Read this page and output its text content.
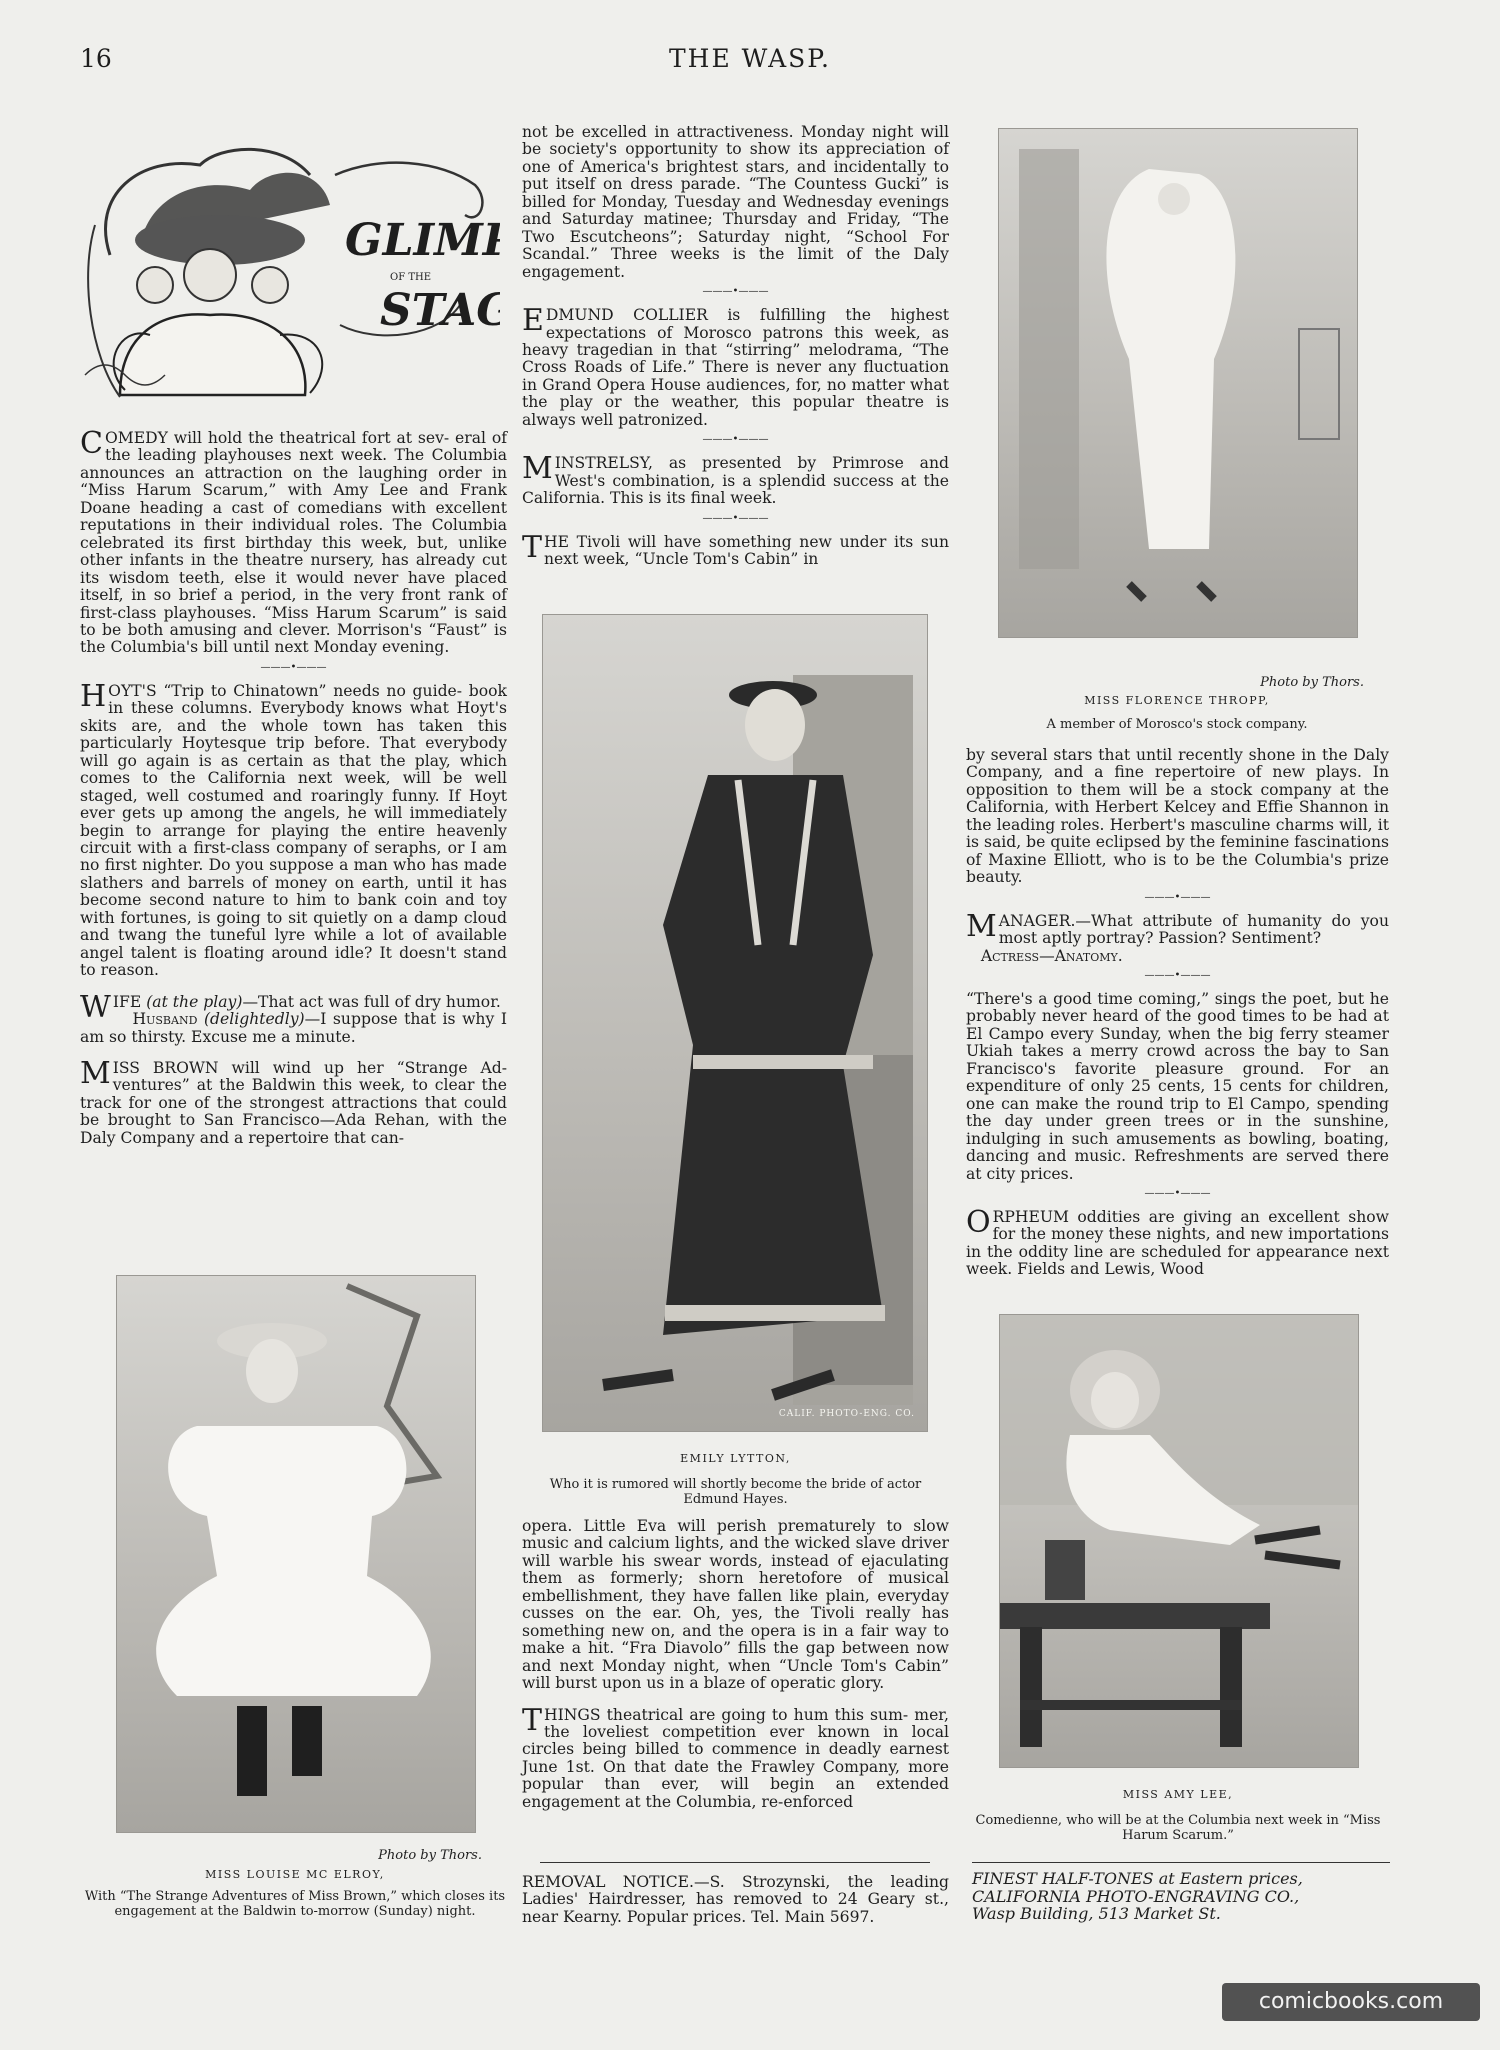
16	THE WASP.
GLIM
OF THE
STA

COMEDY will hold the theatrical fort at sev- eral of the leading playhouses next week. The Columbia announces an attraction on the laughing order in “Miss Harum Scarum,” with Amy Lee and Frank Doane heading a cast of comedians with excellent reputations in their individual roles. The Columbia celebrated its first birthday this week, but, unlike other infants in the theatre nursery, has already cut its wisdom teeth, else it would never have placed itself, in so brief a period, in the very front rank of first-class playhouses. “Miss Harum Scarum” is said to be both amusing and clever. Morrison's “Faust” is the Columbia's bill until next Monday evening.

———•———

HOYT'S “Trip to Chinatown” needs no guide- book in these columns. Everybody knows what Hoyt's skits are, and the whole town has taken this particularly Hoytesque trip before. That everybody will go again is as certain as that the play, which comes to the California next week, will be well staged, well costumed and roaringly funny. If Hoyt ever gets up among the angels, he will immediately begin to arrange for playing the entire heavenly circuit with a first-class company of seraphs, or I am no first nighter. Do you suppose a man who has made slathers and barrels of money on earth, until it has become second nature to him to bank coin and toy with fortunes, is going to sit quietly on a damp cloud and twang the tuneful lyre while a lot of available angel talent is floating around idle? It doesn't stand to reason.

WIFE (at the play)—That act was full of dry humor.
Husband (delightedly)—I suppose that is why I am so thirsty. Excuse me a minute.

MISS BROWN will wind up her “Strange Ad- ventures” at the Baldwin this week, to clear the track for one of the strongest attractions that could be brought to San Francisco—Ada Rehan, with the Daly Company and a repertoire that can-

not be excelled in attractiveness. Monday night will be society's opportunity to show its appreciation of one of America's brightest stars, and incidentally to put itself on dress parade. “The Countess Gucki” is billed for Monday, Tuesday and Wednesday evenings and Saturday matinee; Thursday and Friday, “The Two Escutcheons”; Saturday night, “School For Scandal.” Three weeks is the limit of the Daly engagement.

———•———

EDMUND COLLIER is fulfilling the highest expectations of Morosco patrons this week, as heavy tragedian in that “stirring” melodrama, “The Cross Roads of Life.” There is never any fluctuation in Grand Opera House audiences, for, no matter what the play or the weather, this popular theatre is always well patronized.

———•———

MINSTRELSY, as presented by Primrose and West's combination, is a splendid success at the California. This is its final week.

———•———

THE Tivoli will have something new under its sun next week, “Uncle Tom's Cabin” in

opera. Little Eva will perish prematurely to slow music and calcium lights, and the wicked slave driver will warble his swear words, instead of ejaculating them as formerly; shorn heretofore of musical embellishment, they have fallen like plain, everyday cusses on the ear. Oh, yes, the Tivoli really has something new on, and the opera is in a fair way to make a hit. “Fra Diavolo” fills the gap between now and next Monday night, when “Uncle Tom's Cabin” will burst upon us in a blaze of operatic glory.

THINGS theatrical are going to hum this sum- mer, the loveliest competition ever known in local circles being billed to commence in deadly earnest June 1st. On that date the Frawley Company, more popular than ever, will begin an extended engagement at the Columbia, re-enforced

REMOVAL NOTICE.—S. Strozynski, the leading Ladies' Hairdresser, has removed to 24 Geary st., near Kearny. Popular prices. Tel. Main 5697.

by several stars that until recently shone in the Daly Company, and a fine repertoire of new plays. In opposition to them will be a stock company at the California, with Herbert Kelcey and Effie Shannon in the leading roles. Herbert's masculine charms will, it is said, be quite eclipsed by the feminine fascinations of Maxine Elliott, who is to be the Columbia's prize beauty.

———•———

MANAGER.—What attribute of humanity do you most aptly portray? Passion? Sentiment?
Actress—Anatomy.

———•———

“There's a good time coming,” sings the poet, but he probably never heard of the good times to be had at El Campo every Sunday, when the big ferry steamer Ukiah takes a merry crowd across the bay to San Francisco's favorite pleasure ground. For an expenditure of only 25 cents, 15 cents for children, one can make the round trip to El Campo, spending the day under green trees or in the sunshine, indulging in such amusements as bowling, boating, dancing and music. Refreshments are served there at city prices.

———•———

ORPHEUM oddities are giving an excellent show for the money these nights, and new importations in the oddity line are scheduled for appearance next week. Fields and Lewis, Wood

Photo by Thors.
MISS FLORENCE THROPP,
A member of Morosco's stock company.
CALIF. PHOTO-ENG. CO.
EMILY LYTTON,
Who it is rumored will shortly become the bride of actor Edmund Hayes.
Photo by Thors.
MISS LOUISE MC ELROY,
With “The Strange Adventures of Miss Brown,” which closes its engagement at the Baldwin to-morrow (Sunday) night.
MISS AMY LEE,
Comedienne, who will be at the Columbia next week in “Miss Harum Scarum.”
FINEST HALF-TONES at Eastern prices,
CALIFORNIA PHOTO-ENGRAVING CO.,
Wasp Building, 513 Market St.
comicbooks.com
